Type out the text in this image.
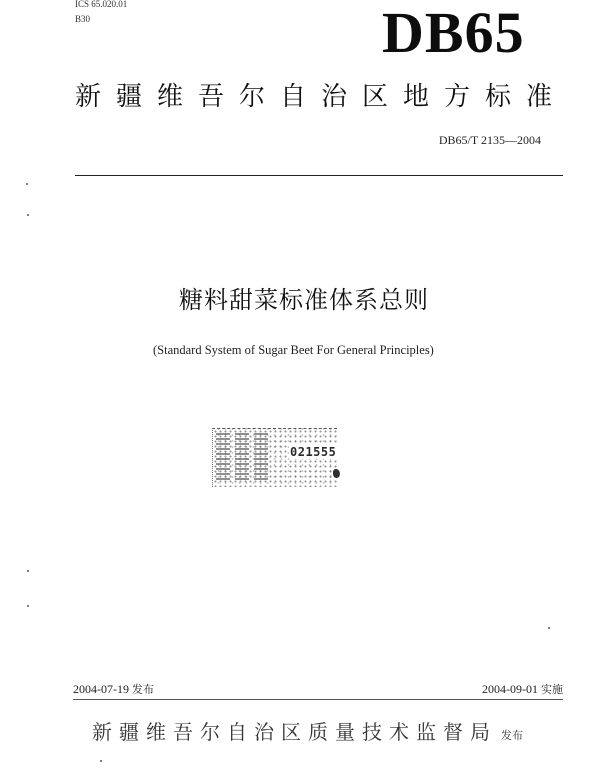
ICS 65.020.01
B30	DB65
新疆维吾尔自治区地方标准
DB65/T 2135—2004
糖料甜菜标准体系总则
(Standard System of Sugar Beet For General Principles)
021555
2004-07-19 发布	2004-09-01 实施
新疆维吾尔自治区质量技术监督局 发布
